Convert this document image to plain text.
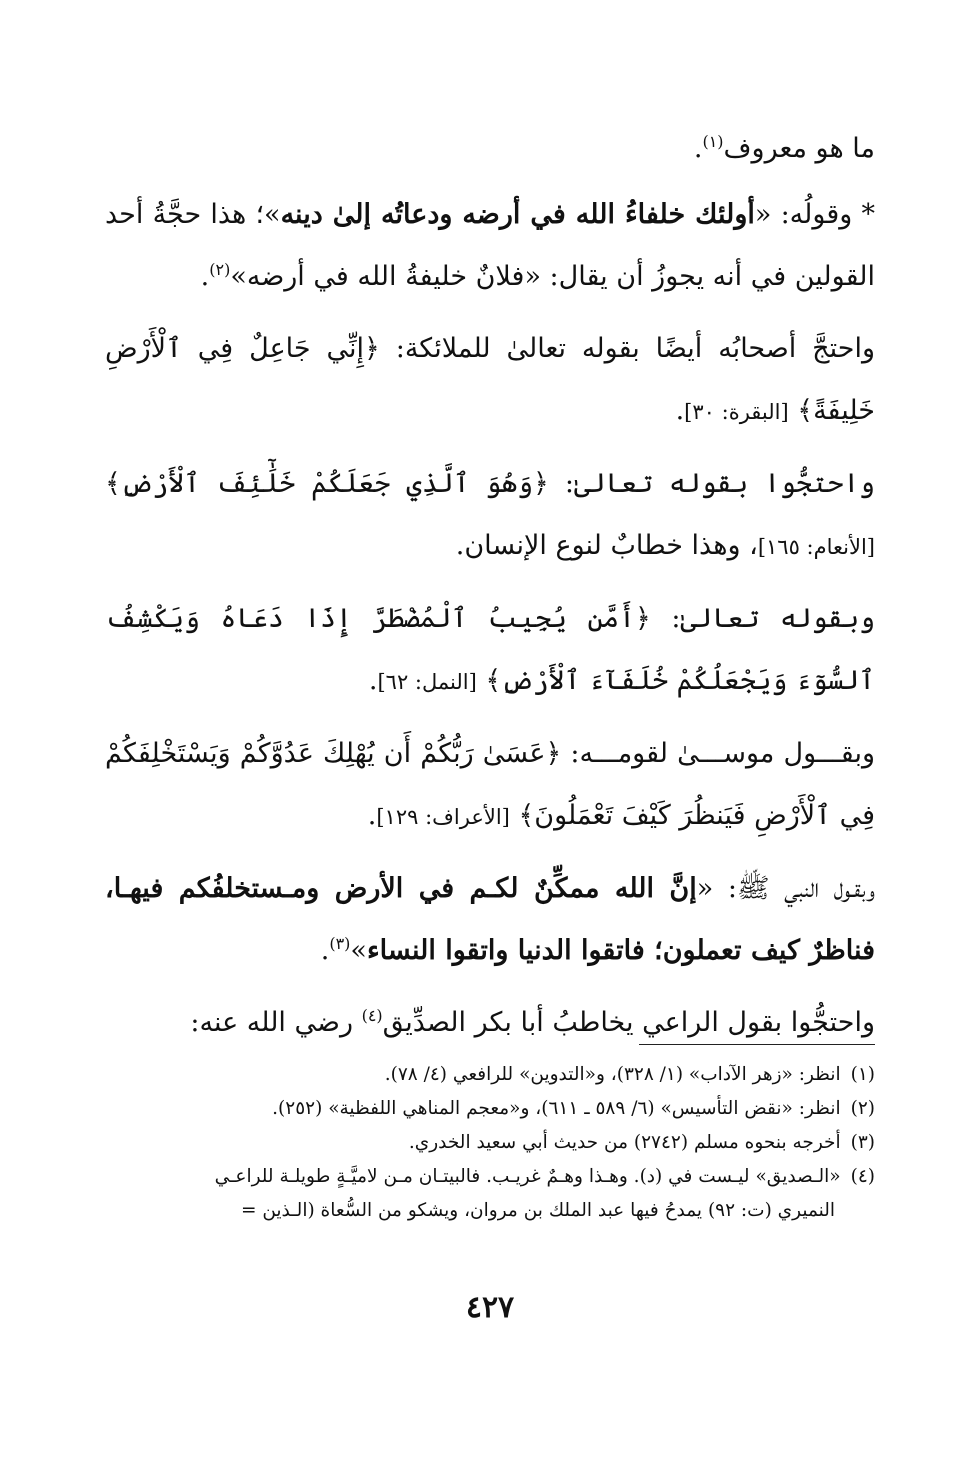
ما هو معروف$^{(١)}$.

* وقولُه: «أولئك خلفاءُ الله في أرضه ودعاتُه إلىٰ دينه»؛ هذا حجَّةُ أحد القولين في أنه يجوزُ أن يقال: «فلانٌ خليفةُ الله في أرضه»$^{(٢)}$.

واحتجَّ أصحابُه أيضًا بقوله تعالىٰ للملائكة: ﴿إِنِّي جَاعِلٌ فِي ٱلْأَرْضِ خَلِيفَةً﴾ [البقرة: ٣٠].

واحتجُّوا بقوله تعالىٰ: ﴿وَهُوَ ٱلَّذِي جَعَلَكُمْ خَلَٰٓئِفَ ٱلْأَرْضِ﴾ [الأنعام: ١٦٥]، وهذا خطابٌ لنوع الإنسان.

وبقوله تعالىٰ: ﴿أَمَّن يُجِيبُ ٱلْمُضْطَرَّ إِذَا دَعَاهُ وَيَكْشِفُ ٱلسُّوٓءَ وَيَجْعَلُكُمْ خُلَفَآءَ ٱلْأَرْضِ﴾ [النمل: ٦٢].

وبقـــول موســـىٰ لقومـــه: ﴿عَسَىٰ رَبُّكُمْ أَن يُهْلِكَ عَدُوَّكُمْ وَيَسْتَخْلِفَكُمْ فِي ٱلْأَرْضِ فَيَنظُرَ كَيْفَ تَعْمَلُونَ﴾ [الأعراف: ١٢٩].

وبقـول النبي ﷺ: «إنَّ الله ممكِّنٌ لكـم في الأرض ومـستخلفُكم فيهـا، فناظرٌ كيف تعملون؛ فاتقوا الدنيا واتقوا النساء»$^{(٣)}$.

واحتجُّوا بقول الراعي يخاطبُ أبا بكر الصدِّيق$^{(٤)}$ رضي الله عنه:

(١)انظر: «زهر الآداب» (١/ ٣٢٨)، و«التدوين» للرافعي (٤/ ٧٨).

(٢)انظر: «نقض التأسيس» (٦/ ٥٨٩ ـ ٦١١)، و«معجم المناهي اللفظية» (٢٥٢).

(٣)أخرجه بنحوه مسلم (٢٧٤٢) من حديث أبي سعيد الخدري.

(٤)«الـصديق» ليـست في (د). وهـذا وهـمٌ غريـب. فالبيتـان مـن لاميَّـةٍ طويلـة للراعـي

النميري (ت: ٩٢) يمدحُ فيها عبد الملك بن مروان، ويشكو من السُّعاة (الـذين =

٤٢٧
